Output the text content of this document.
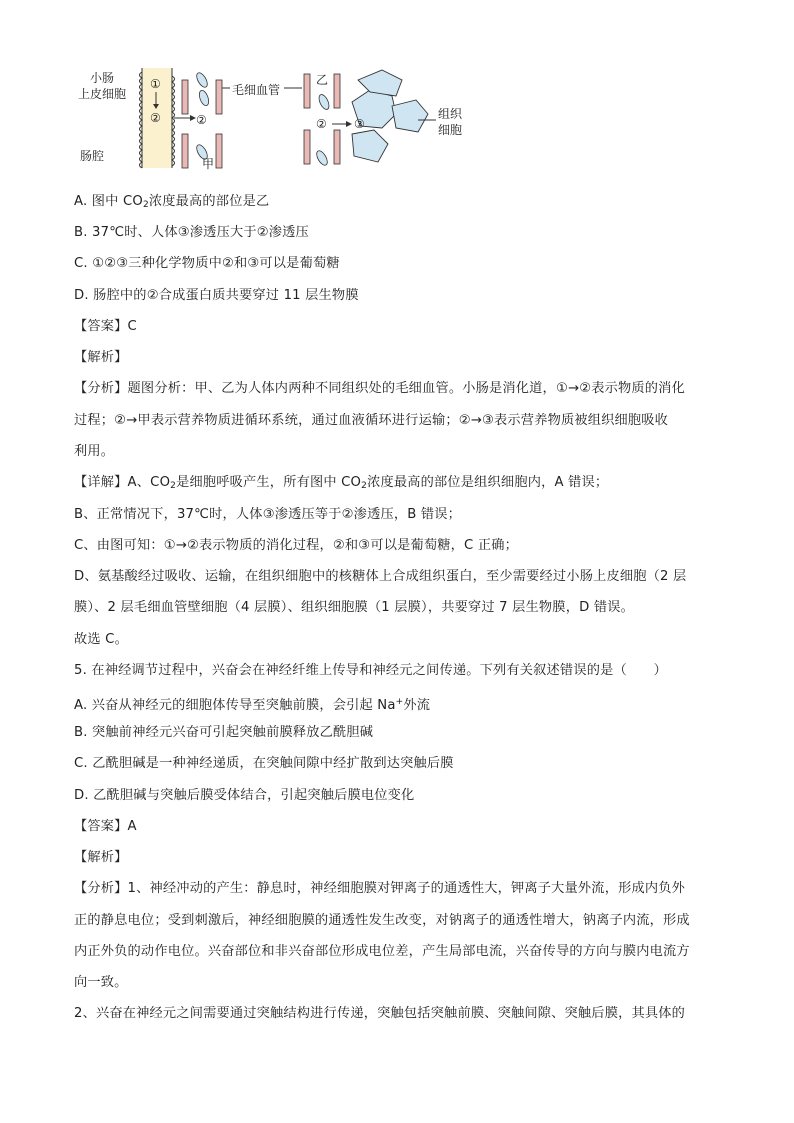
小肠
上皮细胞
肠腔
①
②	②
甲
毛细血管
乙
② ③
组织
细胞
A. 图中 $CO_2$浓度最高的部位是乙
B. 37℃时、人体③渗透压大于②渗透压
C. ①②③三种化学物质中②和③可以是葡萄糖
D. 肠腔中的②合成蛋白质共要穿过 11 层生物膜
【答案】C
【解析】
【分析】题图分析：甲、乙为人体内两种不同组织处的毛细血管。小肠是消化道，①→②表示物质的消化
过程；②→甲表示营养物质进循环系统，通过血液循环进行运输；②→③表示营养物质被组织细胞吸收
利用。
【详解】A、$CO_2$是细胞呼吸产生，所有图中 $CO_2$浓度最高的部位是组织细胞内，A 错误；
B、正常情况下，37℃时，人体③渗透压等于②渗透压，B 错误；
C、由图可知：①→②表示物质的消化过程，②和③可以是葡萄糖，C 正确；
D、氨基酸经过吸收、运输，在组织细胞中的核糖体上合成组织蛋白，至少需要经过小肠上皮细胞（2 层
膜）、2 层毛细血管壁细胞（4 层膜）、组织细胞膜（1 层膜），共要穿过 7 层生物膜，D 错误。
故选 C。
5. 在神经调节过程中，兴奋会在神经纤维上传导和神经元之间传递。下列有关叙述错误的是（　　）
A. 兴奋从神经元的细胞体传导至突触前膜，会引起 Na+外流
B. 突触前神经元兴奋可引起突触前膜释放乙酰胆碱
C. 乙酰胆碱是一种神经递质，在突触间隙中经扩散到达突触后膜
D. 乙酰胆碱与突触后膜受体结合，引起突触后膜电位变化
【答案】A
【解析】
【分析】1、神经冲动的产生：静息时，神经细胞膜对钾离子的通透性大，钾离子大量外流，形成内负外
正的静息电位；受到刺激后，神经细胞膜的通透性发生改变，对钠离子的通透性增大，钠离子内流，形成
内正外负的动作电位。兴奋部位和非兴奋部位形成电位差，产生局部电流，兴奋传导的方向与膜内电流方
向一致。
2、兴奋在神经元之间需要通过突触结构进行传递，突触包括突触前膜、突触间隙、突触后膜，其具体的
